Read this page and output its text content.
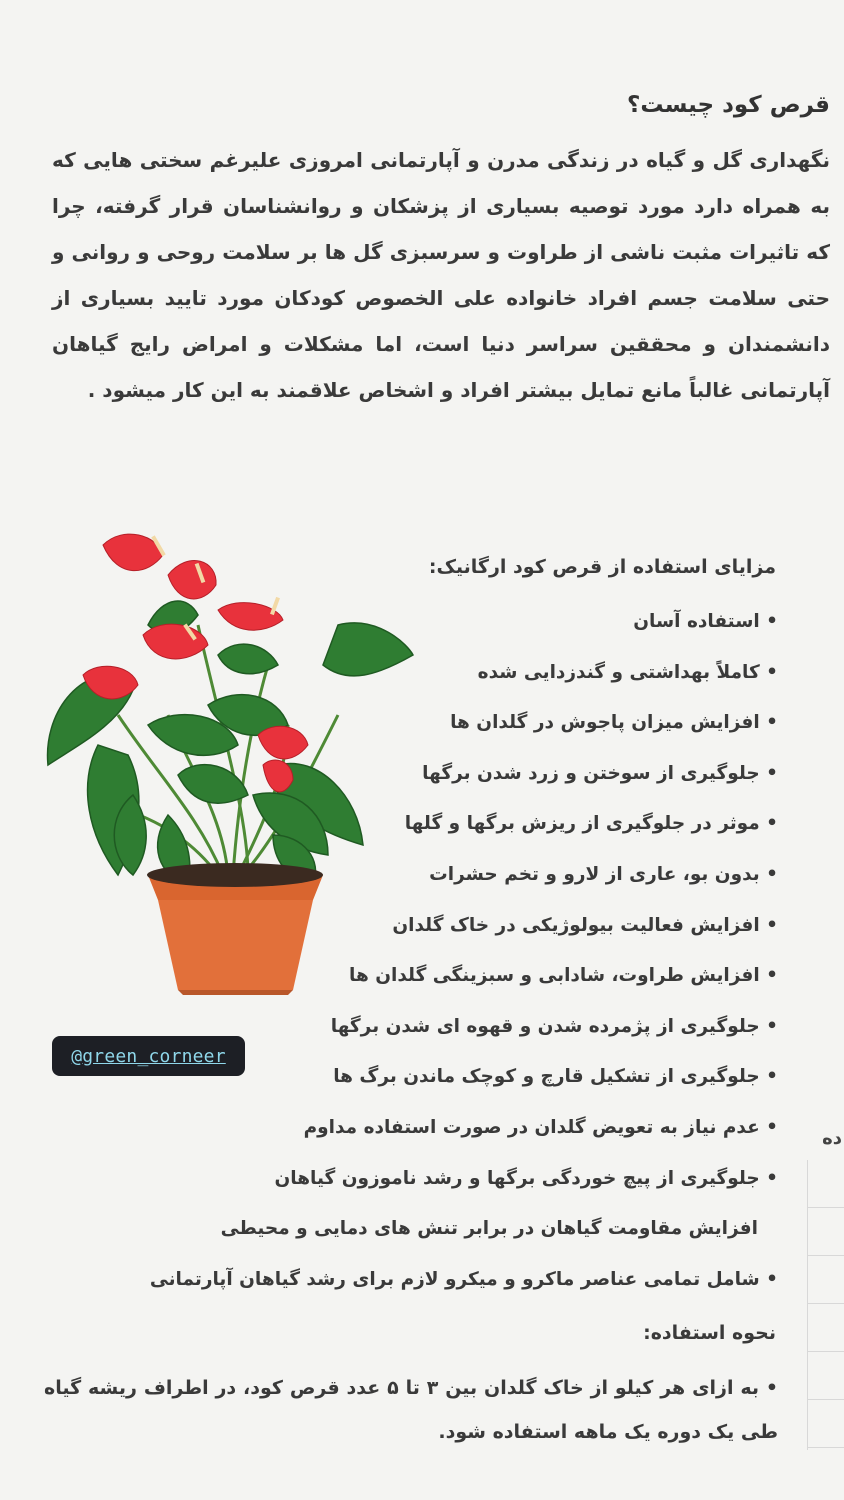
قرص کود چیست؟
نگهداری گل و گیاه در زندگی مدرن و آپارتمانی امروزی علیرغم سختی هایی که به همراه دارد مورد توصیه بسیاری از پزشکان و روانشناسان قرار گرفته، چرا که تاثیرات مثبت ناشی از طراوت و سرسبزی گل ها بر سلامت روحی و روانی و حتی سلامت جسم افراد خانواده علی الخصوص کودکان مورد تایید بسیاری از دانشمندان و محققین سراسر دنیا است، اما مشکلات و امراض رایج گیاهان آپارتمانی غالباً مانع تمایل بیشتر افراد و اشخاص علاقمند به این کار میشود .
@green_corneer
مزایای استفاده از قرص کود ارگانیک:
• استفاده آسان
• کاملاً بهداشتی و گندزدایی شده
• افزایش میزان پاجوش در گلدان ها
• جلوگیری از سوختن و زرد شدن برگها
• موثر در جلوگیری از ریزش برگها و گلها
• بدون بو، عاری از لارو و تخم حشرات
• افزایش فعالیت بیولوژیکی در خاک گلدان
• افزایش طراوت، شادابی و سبزینگی گلدان ها
• جلوگیری از پژمرده شدن و قهوه ای شدن برگها
• جلوگیری از تشکیل قارچ و کوچک ماندن برگ ها
• عدم نیاز به تعویض گلدان در صورت استفاده مداوم
• جلوگیری از پیچ خوردگی برگها و رشد ناموزون گیاهان
افزایش مقاومت گیاهان در برابر تنش های دمایی و محیطی
• شامل تمامی عناصر ماکرو و میکرو لازم برای رشد گیاهان آپارتمانی
نحوه استفاده:
• به ازای هر کیلو از خاک گلدان بین ۳ تا ۵ عدد قرص کود، در اطراف ریشه گیاه طی یک دوره یک ماهه استفاده شود.
ده
